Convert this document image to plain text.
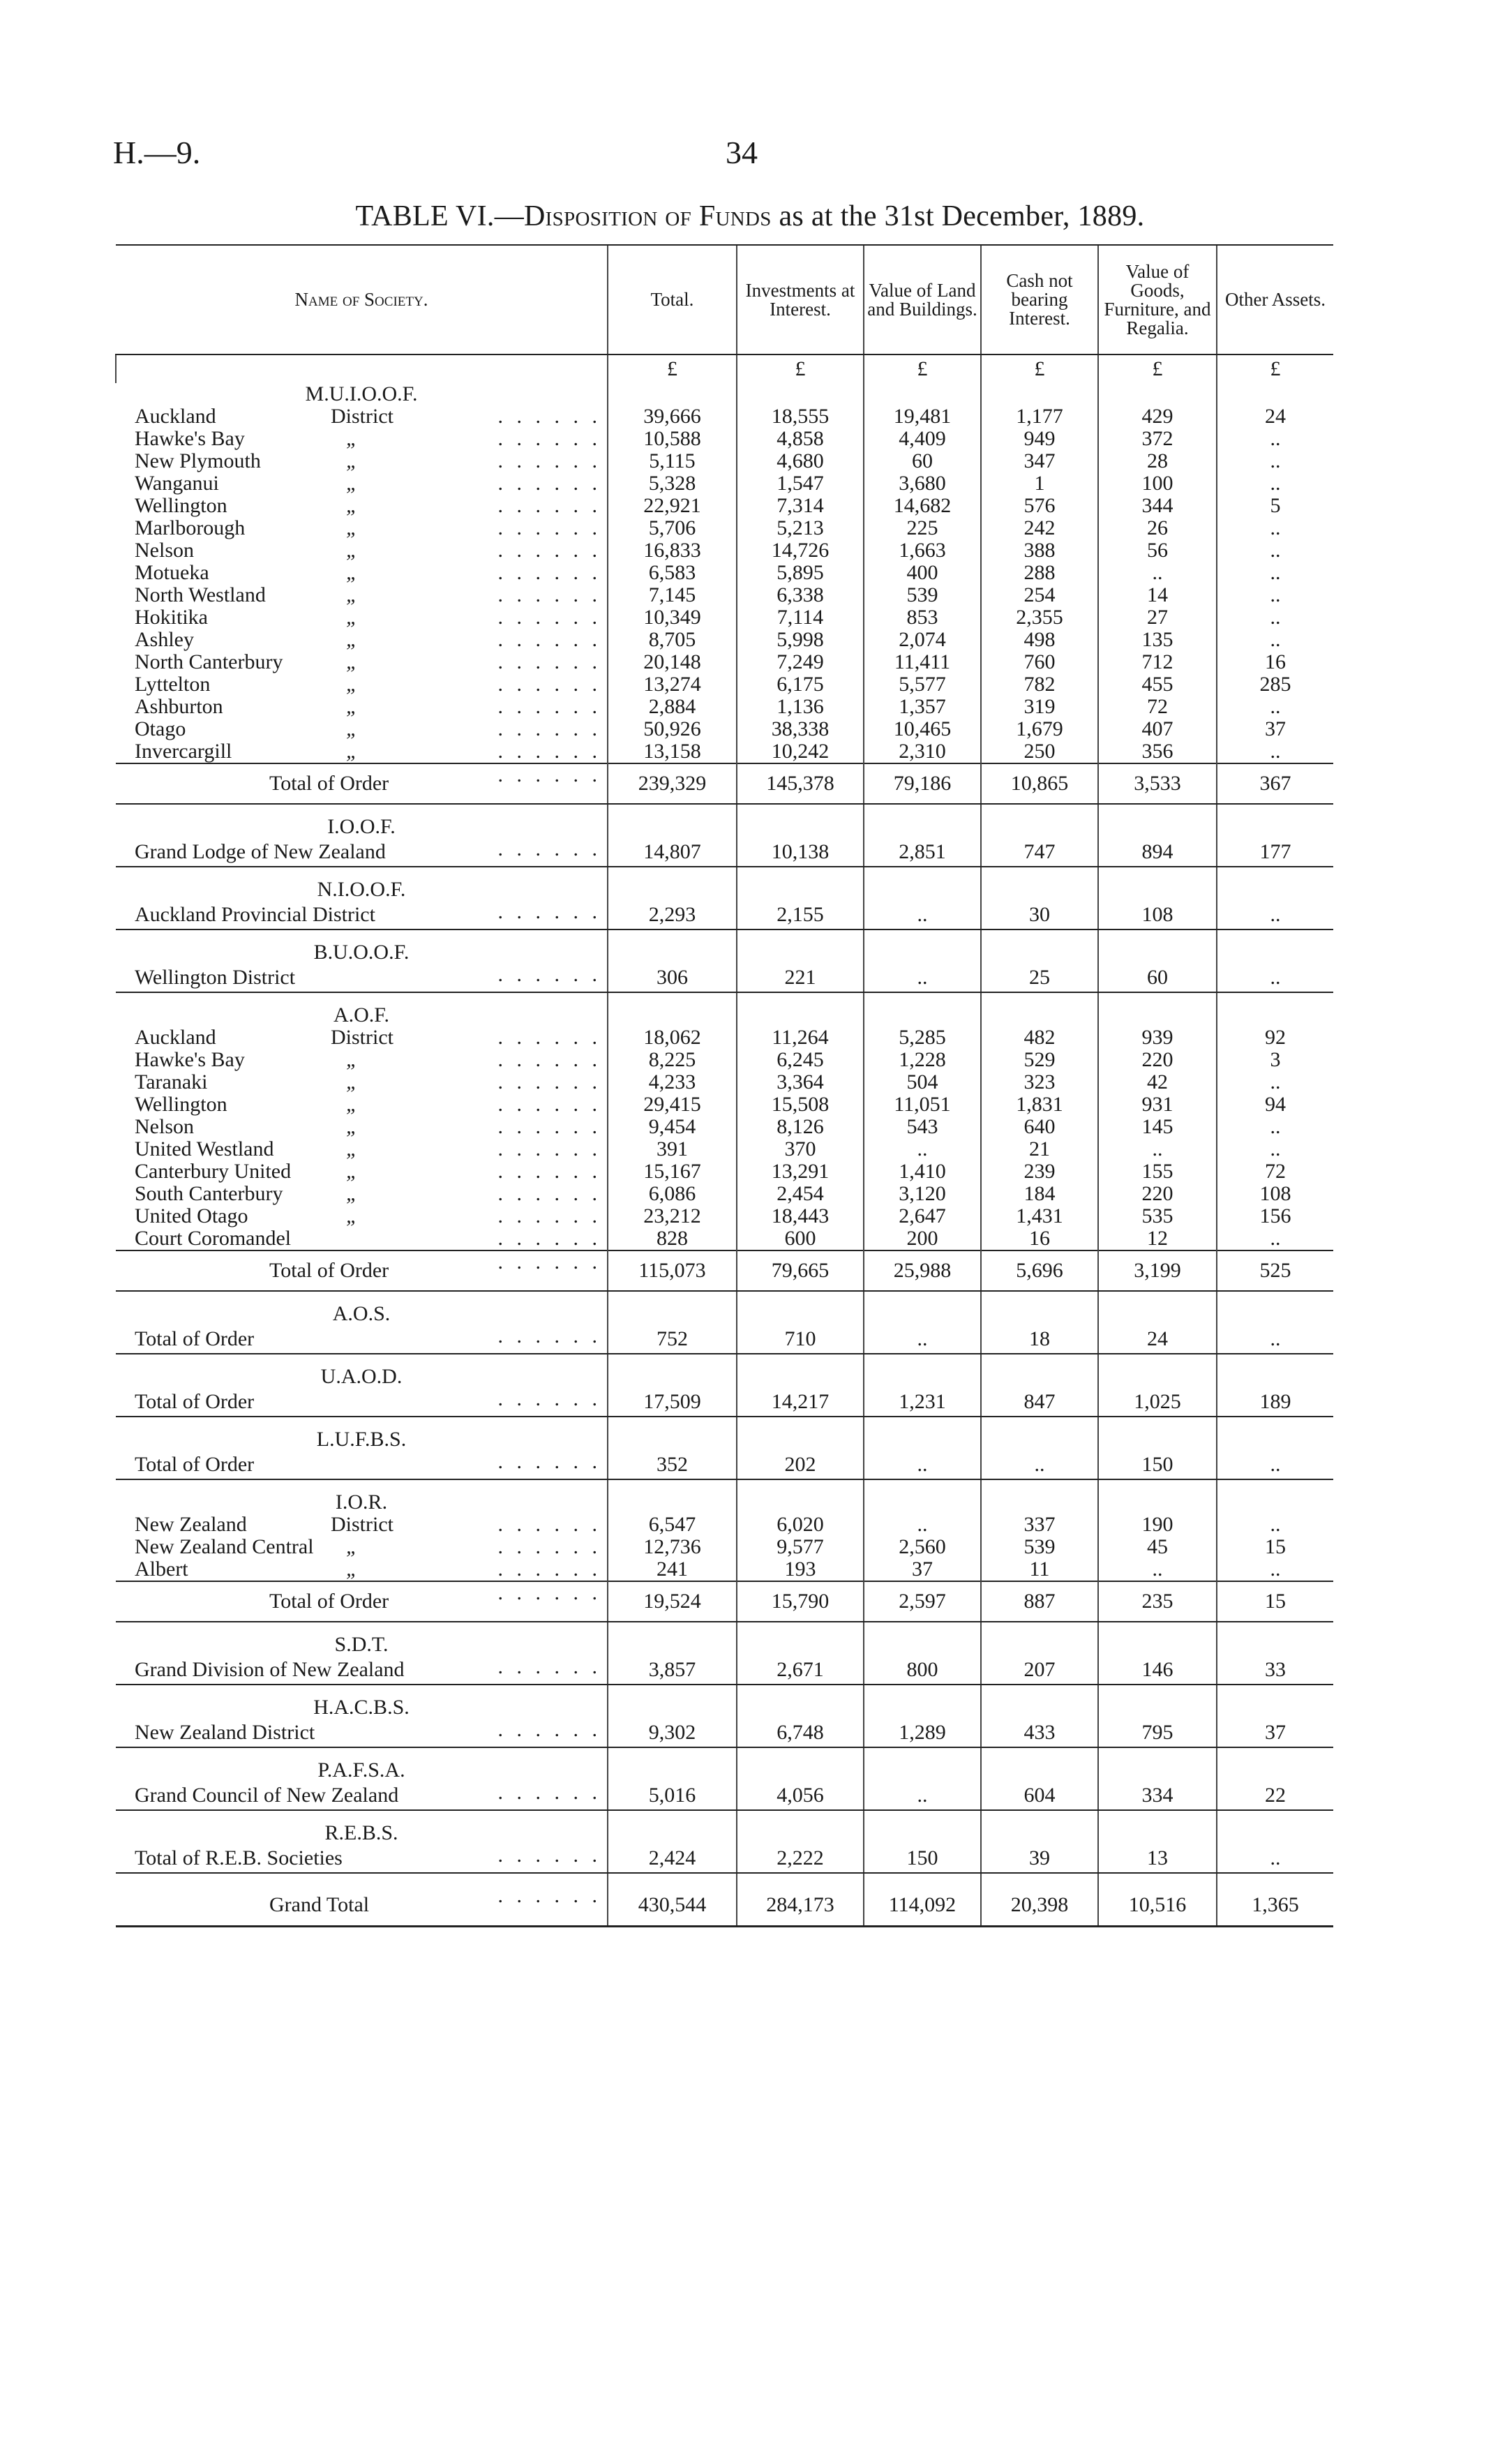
H.—9.	34
TABLE VI.—Disposition of Funds as at the 31st December, 1889.
Name of Society.	Total.	Investments at Interest.	Value of Land and Buildings.	Cash not bearing Interest.	Value of Goods, Furniture, and Regalia.	Other Assets.
	£	£	£	£	£	£
M.U.I.O.O.F.						
Auckland District . . . . . .	39,666	18,555	19,481	1,177	429	24
Hawke's Bay „ . . . . . .	10,588	4,858	4,409	949	372	..
New Plymouth „ . . . . . .	5,115	4,680	60	347	28	..
Wanganui „ . . . . . .	5,328	1,547	3,680	1	100	..
Wellington „ . . . . . .	22,921	7,314	14,682	576	344	5
Marlborough „ . . . . . .	5,706	5,213	225	242	26	..
Nelson „ . . . . . .	16,833	14,726	1,663	388	56	..
Motueka „ . . . . . .	6,583	5,895	400	288	..	..
North Westland „ . . . . . .	7,145	6,338	539	254	14	..
Hokitika „ . . . . . .	10,349	7,114	853	2,355	27	..
Ashley „ . . . . . .	8,705	5,998	2,074	498	135	..
North Canterbury „ . . . . . .	20,148	7,249	11,411	760	712	16
Lyttelton „ . . . . . .	13,274	6,175	5,577	782	455	285
Ashburton „ . . . . . .	2,884	1,136	1,357	319	72	..
Otago „ . . . . . .	50,926	38,338	10,465	1,679	407	37
Invercargill „ . . . . . .	13,158	10,242	2,310	250	356	..
Total of Order . . . . . .	239,329	145,378	79,186	10,865	3,533	367

I.O.O.F.						
Grand Lodge of New Zealand . . . . . .	14,807	10,138	2,851	747	894	177

N.I.O.O.F.						
Auckland Provincial District . . . . . .	2,293	2,155	..	30	108	..

B.U.O.O.F.						
Wellington District . . . . . .	306	221	..	25	60	..

A.O.F.						
Auckland District . . . . . .	18,062	11,264	5,285	482	939	92
Hawke's Bay „ . . . . . .	8,225	6,245	1,228	529	220	3
Taranaki „ . . . . . .	4,233	3,364	504	323	42	..
Wellington „ . . . . . .	29,415	15,508	11,051	1,831	931	94
Nelson „ . . . . . .	9,454	8,126	543	640	145	..
United Westland „ . . . . . .	391	370	..	21	..	..
Canterbury United „ . . . . . .	15,167	13,291	1,410	239	155	72
South Canterbury „ . . . . . .	6,086	2,454	3,120	184	220	108
United Otago „ . . . . . .	23,212	18,443	2,647	1,431	535	156
Court Coromandel . . . . . .	828	600	200	16	12	..
Total of Order . . . . . .	115,073	79,665	25,988	5,696	3,199	525

A.O.S.						
Total of Order . . . . . .	752	710	..	18	24	..

U.A.O.D.						
Total of Order . . . . . .	17,509	14,217	1,231	847	1,025	189

L.U.F.B.S.						
Total of Order . . . . . .	352	202	..	..	150	..

I.O.R.						
New Zealand District . . . . . .	6,547	6,020	..	337	190	..
New Zealand Central „ . . . . . .	12,736	9,577	2,560	539	45	15
Albert „ . . . . . .	241	193	37	11	..	..
Total of Order . . . . . .	19,524	15,790	2,597	887	235	15

S.D.T.						
Grand Division of New Zealand . . . . . .	3,857	2,671	800	207	146	33

H.A.C.B.S.						
New Zealand District . . . . . .	9,302	6,748	1,289	433	795	37

P.A.F.S.A.						
Grand Council of New Zealand . . . . . .	5,016	4,056	..	604	334	22

R.E.B.S.						
Total of R.E.B. Societies . . . . . .	2,424	2,222	150	39	13	..

Grand Total . . . . . .	430,544	284,173	114,092	20,398	10,516	1,365
